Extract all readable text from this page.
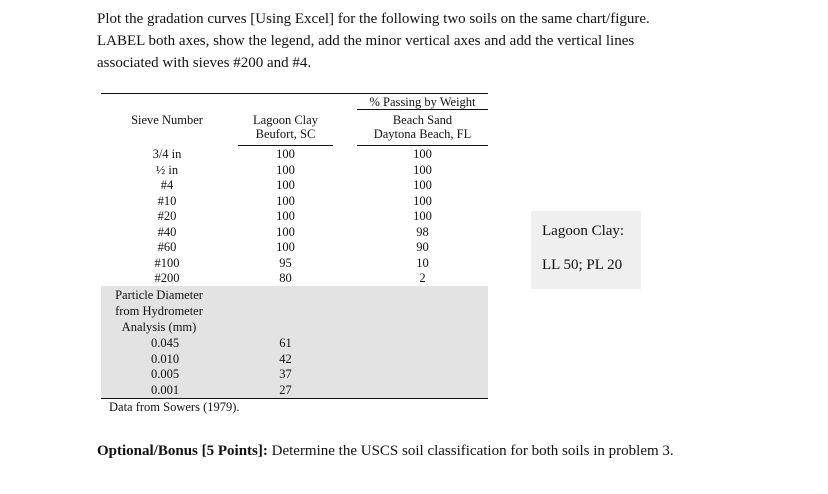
Plot the gradation curves [Using Excel] for the following two soils on the same chart/figure.
LABEL both axes, show the legend, add the minor vertical axes and add the vertical lines
associated with sieves #200 and #4.
% Passing by Weight
Sieve Number	Lagoon Clay
Beufort, SC
Beach Sand
Daytona Beach, FL
3/4 in
½ in
#4
#10
#20
#40
#60
#100
#200
100
100
100
100
100
100
100
95
80
100
100
100
100
100
98
90
10
2
Particle Diameter
from Hydrometer
Analysis (mm)
0.045
0.010
0.005
0.001
61
42
37
27
Data from Sowers (1979).
Lagoon Clay:
LL 50; PL 20
Optional/Bonus [5 Points]: Determine the USCS soil classification for both soils in problem 3.
